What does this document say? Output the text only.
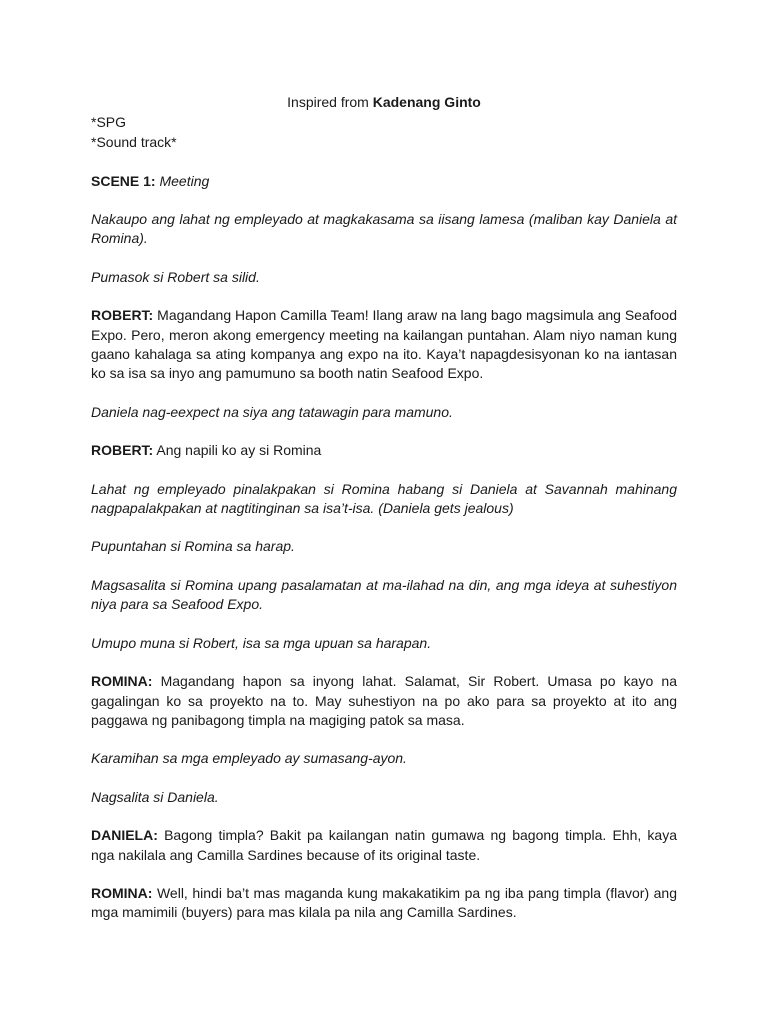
Inspired from Kadenang Ginto

*SPG

*Sound track*

SCENE 1: Meeting

Nakaupo ang lahat ng empleyado at magkakasama sa iisang lamesa (maliban kay Daniela at Romina).

Pumasok si Robert sa silid.

ROBERT: Magandang Hapon Camilla Team! Ilang araw na lang bago magsimula ang Seafood Expo. Pero, meron akong emergency meeting na kailangan puntahan. Alam niyo naman kung gaano kahalaga sa ating kompanya ang expo na ito. Kaya’t napagdesisyonan ko na iantasan ko sa isa sa inyo ang pamumuno sa booth natin Seafood Expo.

Daniela nag-eexpect na siya ang tatawagin para mamuno.

ROBERT: Ang napili ko ay si Romina

Lahat ng empleyado pinalakpakan si Romina habang si Daniela at Savannah mahinang nagpapalakpakan at nagtitinginan sa isa’t-isa. (Daniela gets jealous)

Pupuntahan si Romina sa harap.

Magsasalita si Romina upang pasalamatan at ma-ilahad na din, ang mga ideya at suhestiyon niya para sa Seafood Expo.

Umupo muna si Robert, isa sa mga upuan sa harapan.

ROMINA: Magandang hapon sa inyong lahat. Salamat, Sir Robert. Umasa po kayo na gagalingan ko sa proyekto na to. May suhestiyon na po ako para sa proyekto at ito ang paggawa ng panibagong timpla na magiging patok sa masa.

Karamihan sa mga empleyado ay sumasang-ayon.

Nagsalita si Daniela.

DANIELA: Bagong timpla? Bakit pa kailangan natin gumawa ng bagong timpla. Ehh, kaya nga nakilala ang Camilla Sardines because of its original taste.

ROMINA: Well, hindi ba’t mas maganda kung makakatikim pa ng iba pang timpla (flavor) ang mga mamimili (buyers) para mas kilala pa nila ang Camilla Sardines.
